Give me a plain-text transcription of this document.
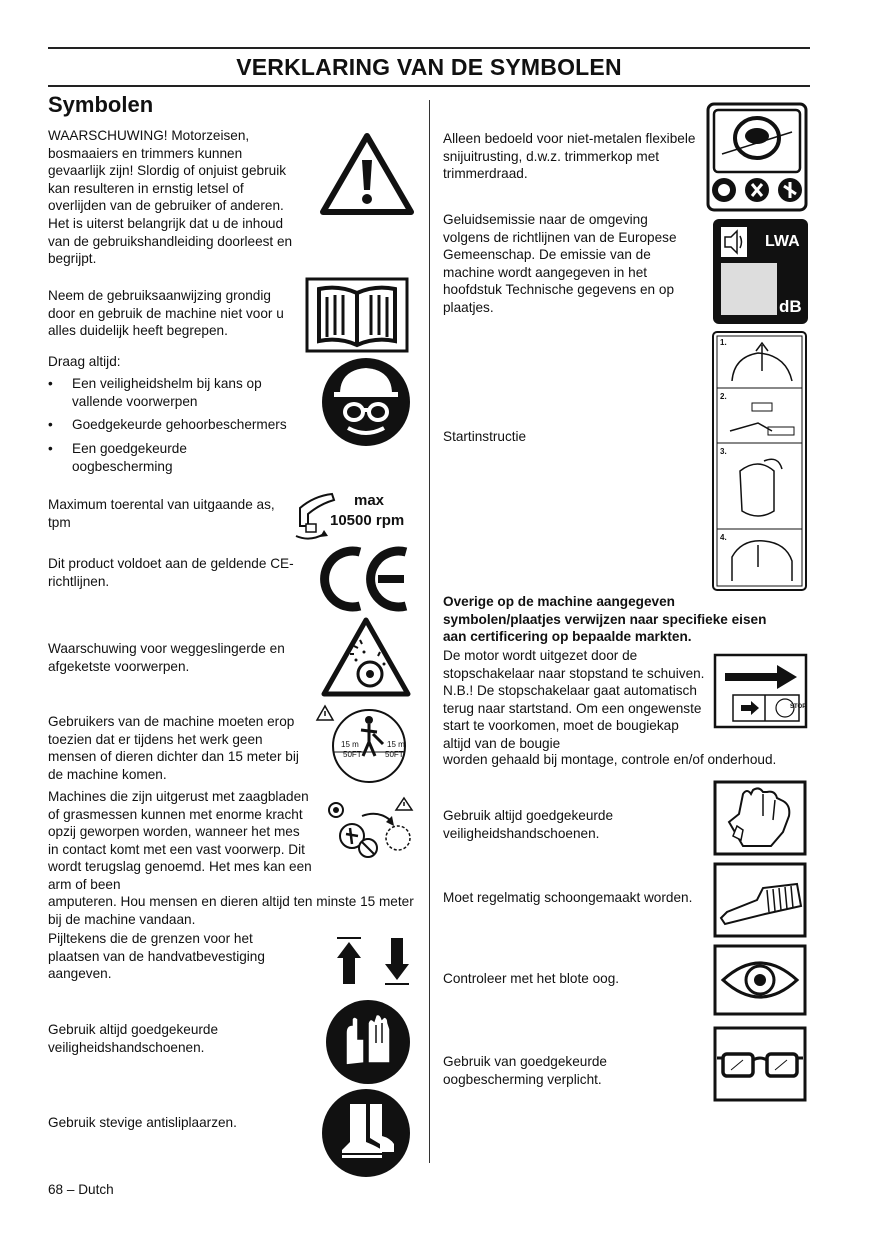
VERKLARING VAN DE SYMBOLEN
Symbolen

WAARSCHUWING! Motorzeisen, bosmaaiers en trimmers kunnen gevaarlijk zijn! Slordig of onjuist gebruik kan resulteren in ernstig letsel of overlijden van de gebruiker of anderen. Het is uiterst belangrijk dat u de inhoud van de gebruikshandleiding doorleest en begrijpt.

Neem de gebruiksaanwijzing grondig door en gebruik de machine niet voor u alles duidelijk heeft begrepen.

Draag altijd:

• Een veiligheidshelm bij kans op vallende voorwerpen
• Goedgekeurde gehoorbeschermers
• Een goedgekeurde oogbescherming

Maximum toerental van uitgaande as, tpm

max
10500 rpm

Dit product voldoet aan de geldende CE-richtlijnen.

Waarschuwing voor weggeslingerde en afgeketste voorwerpen.

Gebruikers van de machine moeten erop toezien dat er tijdens het werk geen mensen of dieren dichter dan 15 meter bij de machine komen.

15 m
50FT
15 m
50FT

Machines die zijn uitgerust met zaagbladen of grasmessen kunnen met enorme kracht opzij geworpen worden, wanneer het mes in contact komt met een vast voorwerp. Dit wordt terugslag genoemd. Het mes kan een arm of been

amputeren. Hou mensen en dieren altijd ten minste 15 meter bij de machine vandaan.

Pijltekens die de grenzen voor het plaatsen van de handvatbevestiging aangeven.

Gebruik altijd goedgekeurde veiligheidshandschoenen.

Gebruik stevige antisliplaarzen.

68 – Dutch

Alleen bedoeld voor niet-metalen flexibele snijuitrusting, d.w.z. trimmerkop met trimmerdraad.

Geluidsemissie naar de omgeving volgens de richtlijnen van de Europese Gemeenschap. De emissie van de machine wordt aangegeven in het hoofdstuk Technische gegevens en op plaatjes.

LWA
dB

Startinstructie

1.
2.
3.
4.

Overige op de machine aangegeven symbolen/plaatjes verwijzen naar specifieke eisen aan certificering op bepaalde markten.

De motor wordt uitgezet door de stopschakelaar naar stopstand te schuiven. N.B.! De stopschakelaar gaat automatisch terug naar startstand. Om een ongewenste start te voorkomen, moet de bougiekap altijd van de bougie

worden gehaald bij montage, controle en/of onderhoud.

STOP

Gebruik altijd goedgekeurde veiligheidshandschoenen.

Moet regelmatig schoongemaakt worden.

Controleer met het blote oog.

Gebruik van goedgekeurde oogbescherming verplicht.
